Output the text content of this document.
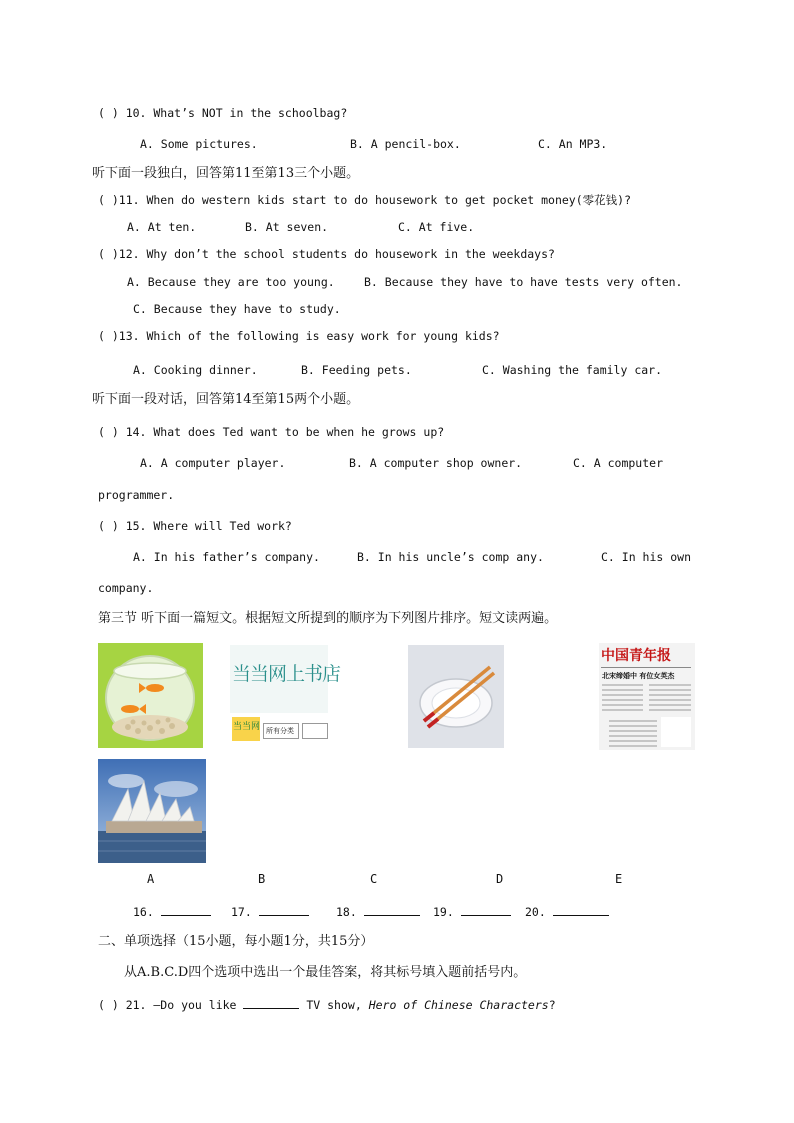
( ) 10. What’s NOT in the schoolbag?
A. Some pictures.	B. A pencil-box.	C. An MP3.
听下面一段独白，回答第11至第13三个小题。
( )11. When do western kids start to do housework to get pocket money(零花钱)?
A. At ten.	B. At seven.	C. At five.
( )12. Why don’t the school students do housework in the weekdays?
A. Because they are too young.	B. Because they have to have tests very often.
C. Because they have to study.
( )13. Which of the following is easy work for young kids?
A. Cooking dinner.	B. Feeding pets.	C. Washing the family car.
听下面一段对话，回答第14至第15两个小题。
( ) 14. What does Ted want to be when he grows up?
A. A computer player.	B. A computer shop owner.	C. A computer
programmer.
( ) 15. Where will Ted work?
A. In his father’s company.	B. In his uncle’s comp any.	C. In his own
company.
第三节 听下面一篇短文。根据短文所提到的顺序为下列图片排序。短文读两遍。
当当网上书店
当当网 所有分类
中国青年报
北宋缔婚中 有位女英杰
A	B	C	D	E
16.	17.	18.	19.	20.
二、单项选择（15小题，每小题1分，共15分）
从A.B.C.D四个选项中选出一个最佳答案，将其标号填入题前括号内。
( ) 21. —Do you like	TV show, Hero of Chinese Characters?
